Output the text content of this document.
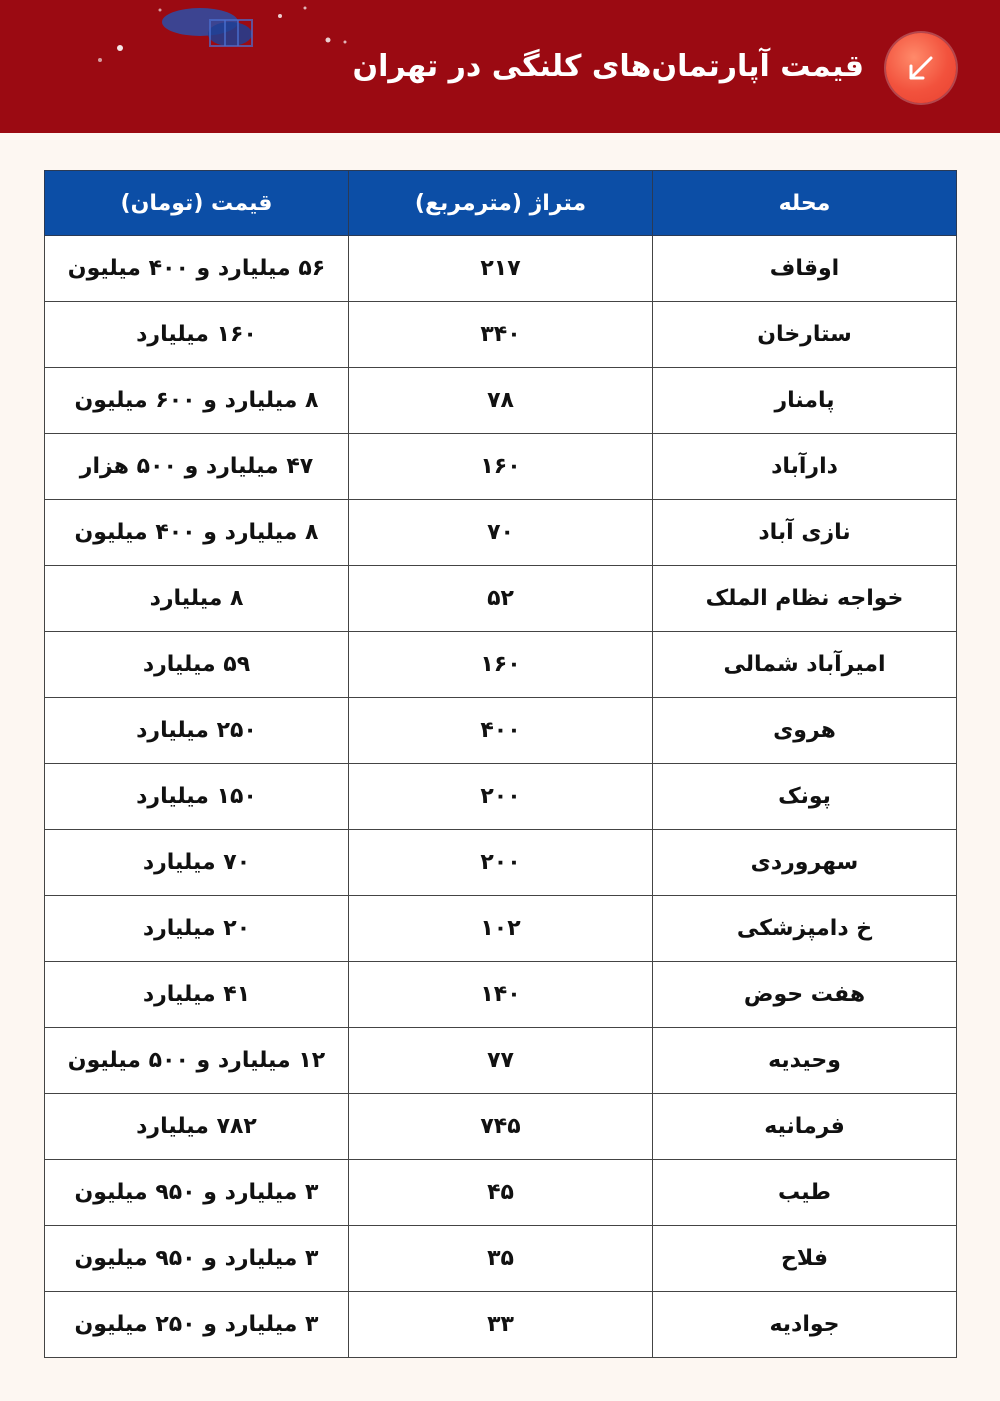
قیمت آپارتمان‌های کلنگی در تهران
محله	متراژ (مترمربع)	قیمت (تومان)
اوقاف	۲۱۷	۵۶ میلیارد و ۴۰۰ میلیون
ستارخان	۳۴۰	۱۶۰ میلیارد
پامنار	۷۸	۸ میلیارد و ۶۰۰ میلیون
دارآباد	۱۶۰	۴۷ میلیارد و ۵۰۰ هزار
نازی آباد	۷۰	۸ میلیارد و ۴۰۰ میلیون
خواجه نظام الملک	۵۲	۸ میلیارد
امیرآباد شمالی	۱۶۰	۵۹ میلیارد
هروی	۴۰۰	۲۵۰ میلیارد
پونک	۲۰۰	۱۵۰ میلیارد
سهروردی	۲۰۰	۷۰ میلیارد
خ دامپزشکی	۱۰۲	۲۰ میلیارد
هفت حوض	۱۴۰	۴۱ میلیارد
وحیدیه	۷۷	۱۲ میلیارد و ۵۰۰ میلیون
فرمانیه	۷۴۵	۷۸۲ میلیارد
طیب	۴۵	۳ میلیارد و ۹۵۰ میلیون
فلاح	۳۵	۳ میلیارد و ۹۵۰ میلیون
جوادیه	۳۳	۳ میلیارد و ۲۵۰ میلیون
